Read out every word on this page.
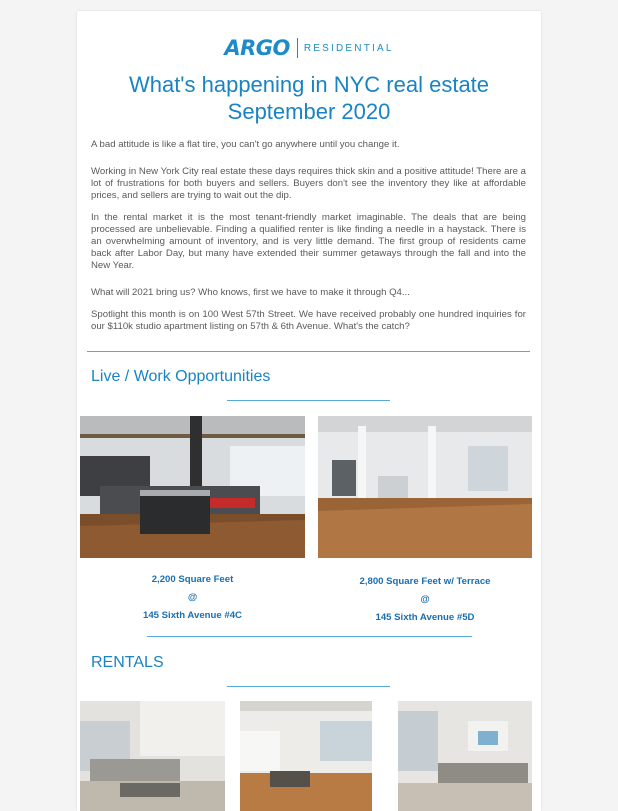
ARGO RESIDENTIAL
What's happening in NYC real estate
September 2020

A bad attitude is like a flat tire, you can't go anywhere until you change it.

Working in New York City real estate these days requires thick skin and a positive attitude! There are a lot of frustrations for both buyers and sellers. Buyers don't see the inventory they like at affordable prices, and sellers are trying to wait out the dip.

In the rental market it is the most tenant-friendly market imaginable. The deals that are being processed are unbelievable. Finding a qualified renter is like finding a needle in a haystack. There is an overwhelming amount of inventory, and is very little demand. The first group of residents came back after Labor Day, but many have extended their summer getaways through the fall and into the New Year.

What will 2021 bring us? Who knows, first we have to make it through Q4...

Spotlight this month is on 100 West 57th Street. We have received probably one hundred inquiries for our $110k studio apartment listing on 57th & 6th Avenue. What's the catch?

Live / Work Opportunities
2,200 Square Feet
@
145 Sixth Avenue #4C
2,800 Square Feet w/ Terrace
@
145 Sixth Avenue #5D
RENTALS
